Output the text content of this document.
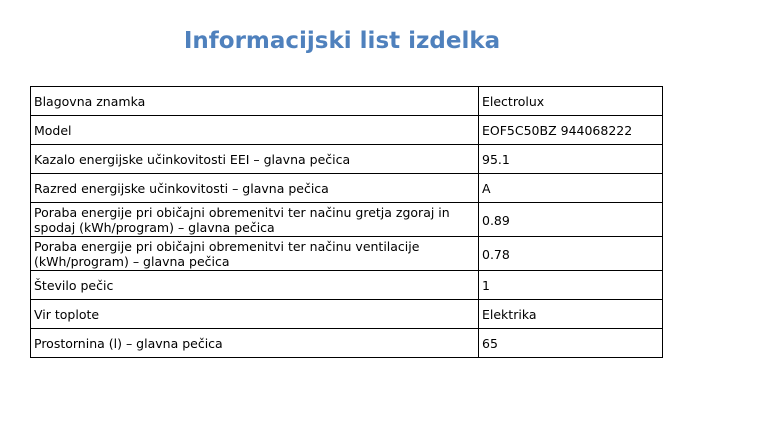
Informacijski list izdelka
Blagovna znamka	Electrolux
Model	EOF5C50BZ 944068222
Kazalo energijske učinkovitosti EEI – glavna pečica	95.1
Razred energijske učinkovitosti – glavna pečica	A
Poraba energije pri običajni obremenitvi ter načinu gretja zgoraj in spodaj (kWh/program) – glavna pečica	0.89
Poraba energije pri običajni obremenitvi ter načinu ventilacije (kWh/program) – glavna pečica	0.78
Število pečic	1
Vir toplote	Elektrika
Prostornina (l) – glavna pečica	65
